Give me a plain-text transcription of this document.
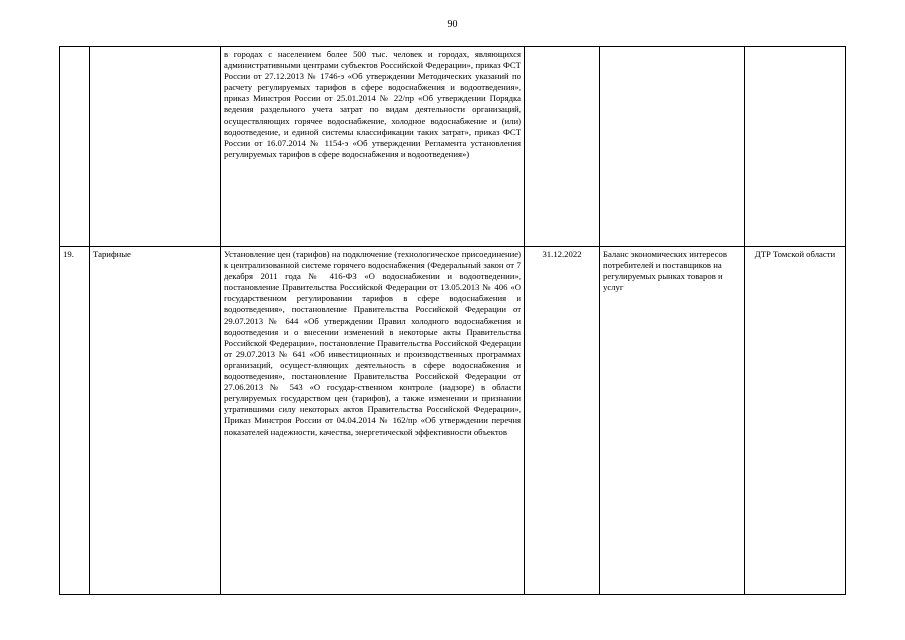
90

		в городах с населением более 500 тыс. человек и городах, являющихся административными центрами субъектов Российской Федерации», приказ ФСТ России от 27.12.2013 № 1746-э «Об утверждении Методических указаний по расчету регулируемых тарифов в сфере водоснабжения и водоотведения», приказ Минстроя России от 25.01.2014 № 22/пр «Об утверждении Порядка ведения раздельного учета затрат по видам деятельности организаций, осуществляющих горячее водоснабжение, холодное водоснабжение и (или) водоотведение, и единой системы классификации таких затрат», приказ ФСТ России от 16.07.2014 № 1154-э «Об утверждении Регламента установления регулируемых тарифов в сфере водоснабжения и водоотведения»)			

19.	Тарифные	Установление цен (тарифов) на подключение (технологическое присоединение) к централизованной системе горячего водоснабжения (Федеральный закон от 7 декабря 2011 года № 416-ФЗ «О водоснабжении и водоотведении», постановление Правительства Российской Федерации от 13.05.2013 № 406 «О государственном регулировании тарифов в сфере водоснабжения и водоотведения», постановление Правительства Российской Федерации от 29.07.2013 № 644 «Об утверждении Правил холодного водоснабжения и водоотведения и о внесении изменений в некоторые акты Правительства Российской Федерации», постановление Правительства Российской Федерации от 29.07.2013 № 641 «Об инвестиционных и производственных программах организаций, осущест-вляющих деятельность в сфере водоснабжения и водоотведения», постановление Правительства Российской Федерации от 27.06.2013 № 543 «О государ-ственном контроле (надзоре) в области регулируемых государством цен (тарифов), а также изменении и признании утратившими силу некоторых актов Правительства Российской Федерации», Приказ Минстроя России от 04.04.2014 № 162/пр «Об утверждении перечня показателей надежности, качества, энергетической эффективности объектов	31.12.2022	Баланс экономических интересов потребителей и поставщиков на регулируемых рынках товаров и услуг	ДТР Томской области
